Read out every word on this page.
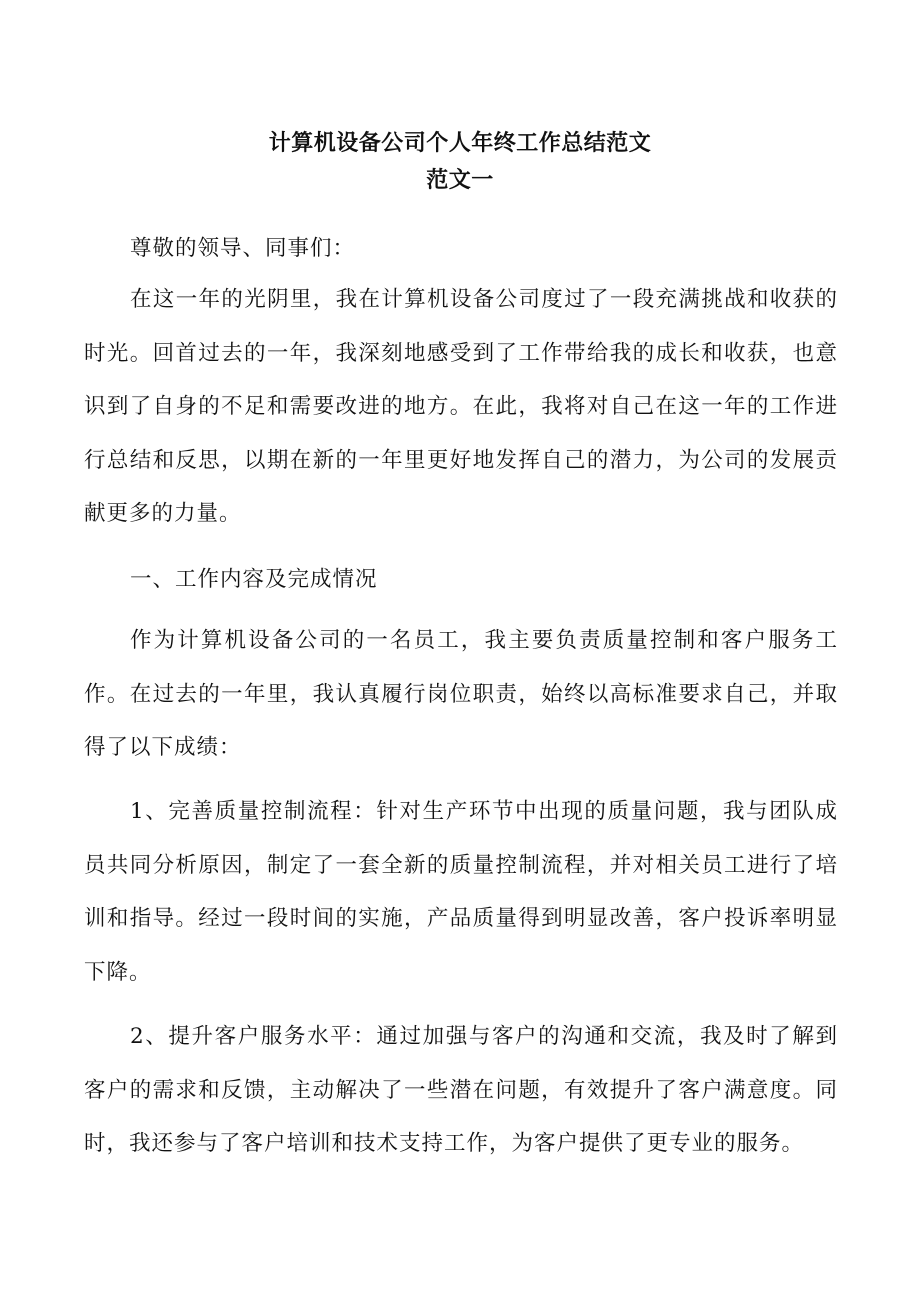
计算机设备公司个人年终工作总结范文
范文一

尊敬的领导、同事们：

在这一年的光阴里，我在计算机设备公司度过了一段充满挑战和收获的时光。回首过去的一年，我深刻地感受到了工作带给我的成长和收获，也意识到了自身的不足和需要改进的地方。在此，我将对自己在这一年的工作进行总结和反思，以期在新的一年里更好地发挥自己的潜力，为公司的发展贡献更多的力量。

一、工作内容及完成情况

作为计算机设备公司的一名员工，我主要负责质量控制和客户服务工作。在过去的一年里，我认真履行岗位职责，始终以高标准要求自己，并取得了以下成绩：

1、完善质量控制流程：针对生产环节中出现的质量问题，我与团队成员共同分析原因，制定了一套全新的质量控制流程，并对相关员工进行了培训和指导。经过一段时间的实施，产品质量得到明显改善，客户投诉率明显下降。

2、提升客户服务水平：通过加强与客户的沟通和交流，我及时了解到客户的需求和反馈，主动解决了一些潜在问题，有效提升了客户满意度。同时，我还参与了客户培训和技术支持工作，为客户提供了更专业的服务。
